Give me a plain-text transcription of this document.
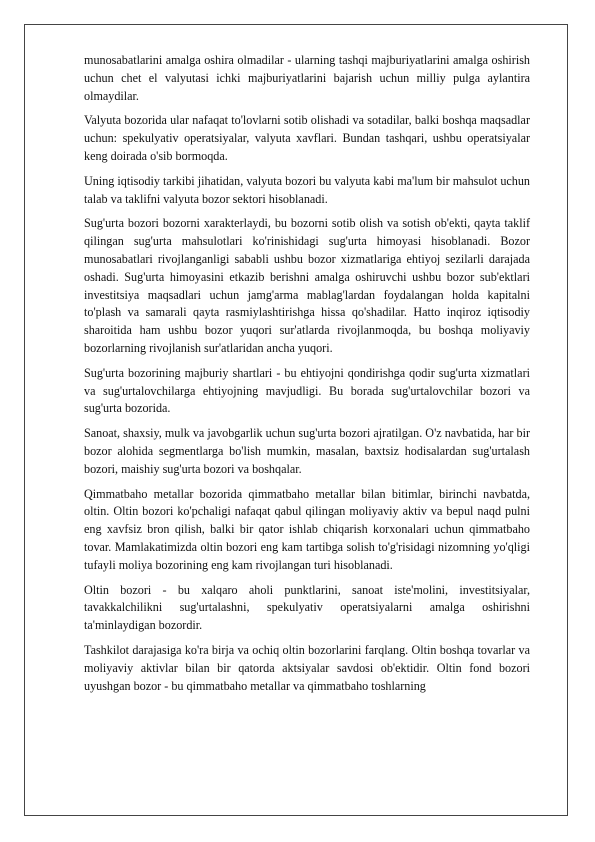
munosabatlarini amalga oshira olmadilar - ularning tashqi majburiyatlarini amalga oshirish uchun chet el valyutasi ichki majburiyatlarini bajarish uchun milliy pulga aylantira olmaydilar.

Valyuta bozorida ular nafaqat to'lovlarni sotib olishadi va sotadilar, balki boshqa maqsadlar uchun: spekulyativ operatsiyalar, valyuta xavflari. Bundan tashqari, ushbu operatsiyalar keng doirada o'sib bormoqda.

Uning iqtisodiy tarkibi jihatidan, valyuta bozori bu valyuta kabi ma'lum bir mahsulot uchun talab va taklifni valyuta bozor sektori hisoblanadi.

Sug'urta bozori bozorni xarakterlaydi, bu bozorni sotib olish va sotish ob'ekti, qayta taklif qilingan sug'urta mahsulotlari ko'rinishidagi sug'urta himoyasi hisoblanadi. Bozor munosabatlari rivojlanganligi sababli ushbu bozor xizmatlariga ehtiyoj sezilarli darajada oshadi. Sug'urta himoyasini etkazib berishni amalga oshiruvchi ushbu bozor sub'ektlari investitsiya maqsadlari uchun jamg'arma mablag'lardan foydalangan holda kapitalni to'plash va samarali qayta rasmiylashtirishga hissa qo'shadilar. Hatto inqiroz iqtisodiy sharoitida ham ushbu bozor yuqori sur'atlarda rivojlanmoqda, bu boshqa moliyaviy bozorlarning rivojlanish sur'atlaridan ancha yuqori.

Sug'urta bozorining majburiy shartlari - bu ehtiyojni qondirishga qodir sug'urta xizmatlari va sug'urtalovchilarga ehtiyojning mavjudligi. Bu borada sug'urtalovchilar bozori va sug'urta bozorida.

Sanoat, shaxsiy, mulk va javobgarlik uchun sug'urta bozori ajratilgan. O'z navbatida, har bir bozor alohida segmentlarga bo'lish mumkin, masalan, baxtsiz hodisalardan sug'urtalash bozori, maishiy sug'urta bozori va boshqalar.

Qimmatbaho metallar bozorida qimmatbaho metallar bilan bitimlar, birinchi navbatda, oltin. Oltin bozori ko'pchaligi nafaqat qabul qilingan moliyaviy aktiv va bepul naqd pulni eng xavfsiz bron qilish, balki bir qator ishlab chiqarish korxonalari uchun qimmatbaho tovar. Mamlakatimizda oltin bozori eng kam tartibga solish to'g'risidagi nizomning yo'qligi tufayli moliya bozorining eng kam rivojlangan turi hisoblanadi.

Oltin bozori - bu xalqaro aholi punktlarini, sanoat iste'molini, investitsiyalar, tavakkalchilikni sug'urtalashni, spekulyativ operatsiyalarni amalga oshirishni ta'minlaydigan bozordir.

Tashkilot darajasiga ko'ra birja va ochiq oltin bozorlarini farqlang. Oltin boshqa tovarlar va moliyaviy aktivlar bilan bir qatorda aktsiyalar savdosi ob'ektidir. Oltin fond bozori uyushgan bozor - bu qimmatbaho metallar va qimmatbaho toshlarning
